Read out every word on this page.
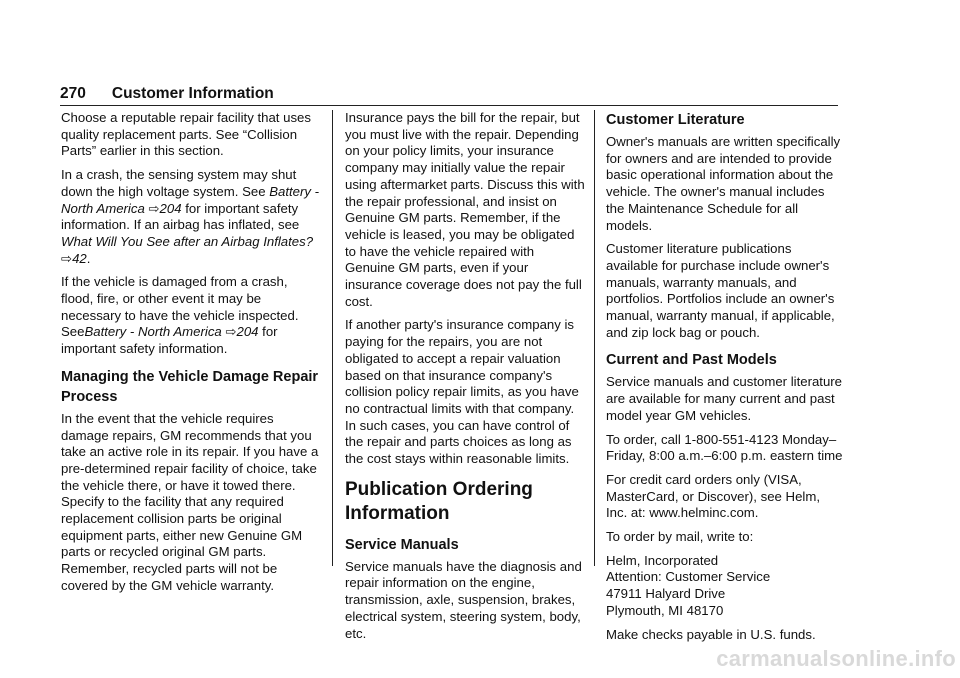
270 Customer Information

Choose a reputable repair facility that uses quality replacement parts. See “Collision Parts” earlier in this section.

In a crash, the sensing system may shut down the high voltage system. See Battery - North America ⇨204 for important safety information. If an airbag has inflated, see What Will You See after an Airbag Inflates? ⇨42.

If the vehicle is damaged from a crash, flood, fire, or other event it may be necessary to have the vehicle inspected. SeeBattery - North America ⇨204 for important safety information.

Managing the Vehicle Damage Repair Process

In the event that the vehicle requires damage repairs, GM recommends that you take an active role in its repair. If you have a pre-determined repair facility of choice, take the vehicle there, or have it towed there. Specify to the facility that any required replacement collision parts be original equipment parts, either new Genuine GM parts or recycled original GM parts. Remember, recycled parts will not be covered by the GM vehicle warranty.

Insurance pays the bill for the repair, but you must live with the repair. Depending on your policy limits, your insurance company may initially value the repair using aftermarket parts. Discuss this with the repair professional, and insist on Genuine GM parts. Remember, if the vehicle is leased, you may be obligated to have the vehicle repaired with Genuine GM parts, even if your insurance coverage does not pay the full cost.

If another party's insurance company is paying for the repairs, you are not obligated to accept a repair valuation based on that insurance company's collision policy repair limits, as you have no contractual limits with that company. In such cases, you can have control of the repair and parts choices as long as the cost stays within reasonable limits.

Publication Ordering Information
Service Manuals

Service manuals have the diagnosis and repair information on the engine, transmission, axle, suspension, brakes, electrical system, steering system, body, etc.

Customer Literature

Owner's manuals are written specifically for owners and are intended to provide basic operational information about the vehicle. The owner's manual includes the Maintenance Schedule for all models.

Customer literature publications available for purchase include owner's manuals, warranty manuals, and portfolios. Portfolios include an owner's manual, warranty manual, if applicable, and zip lock bag or pouch.

Current and Past Models

Service manuals and customer literature are available for many current and past model year GM vehicles.

To order, call 1-800-551-4123 Monday–Friday, 8:00 a.m.–6:00 p.m. eastern time

For credit card orders only (VISA, MasterCard, or Discover), see Helm, Inc. at: www.helminc.com.

To order by mail, write to:

Helm, Incorporated
Attention: Customer Service
47911 Halyard Drive
Plymouth, MI 48170

Make checks payable in U.S. funds.

carmanualsonline.info
